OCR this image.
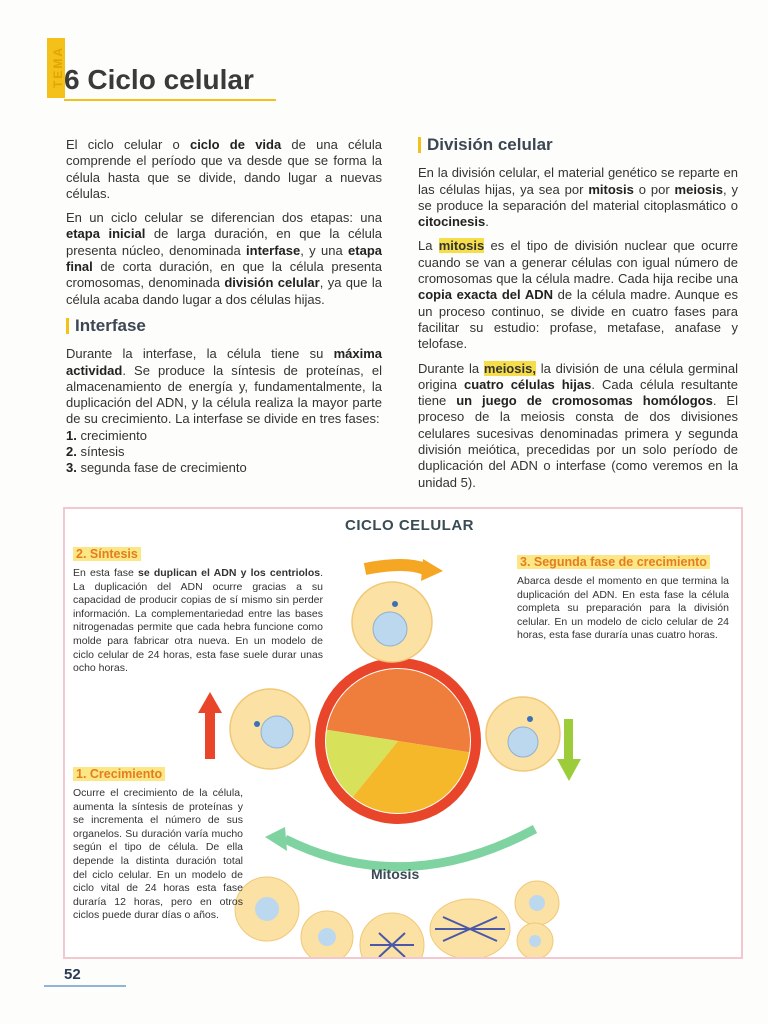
TEMA 6 Ciclo celular

El ciclo celular o ciclo de vida de una célula comprende el período que va desde que se forma la célula hasta que se divide, dando lugar a nuevas células.

En un ciclo celular se diferencian dos etapas: una etapa inicial de larga duración, en que la célula presenta núcleo, denominada interfase, y una etapa final de corta duración, en que la célula presenta cromosomas, denominada división celular, ya que la célula acaba dando lugar a dos células hijas.

Interfase

Durante la interfase, la célula tiene su máxima actividad. Se produce la síntesis de proteínas, el almacenamiento de energía y, fundamentalmente, la duplicación del ADN, y la célula realiza la mayor parte de su crecimiento. La interfase se divide en tres fases:

1. crecimiento
2. síntesis
3. segunda fase de crecimiento
División celular

En la división celular, el material genético se reparte en las células hijas, ya sea por mitosis o por meiosis, y se produce la separación del material citoplasmático o citocinesis.

La mitosis es el tipo de división nuclear que ocurre cuando se van a generar células con igual número de cromosomas que la célula madre. Cada hija recibe una copia exacta del ADN de la célula madre. Aunque es un proceso continuo, se divide en cuatro fases para facilitar su estudio: profase, metafase, anafase y telofase.

Durante la meiosis, la división de una célula germinal origina cuatro células hijas. Cada célula resultante tiene un juego de cromosomas homólogos. El proceso de la meiosis consta de dos divisiones celulares sucesivas denominadas primera y segunda división meiótica, precedidas por un solo período de duplicación del ADN o interfase (como veremos en la unidad 5).

CICLO CELULAR
2. Síntesis
En esta fase se duplican el ADN y los centriolos. La duplicación del ADN ocurre gracias a su capacidad de producir copias de sí mismo sin perder información. La complementariedad entre las bases nitrogenadas permite que cada hebra funcione como molde para fabricar otra nueva. En un modelo de ciclo celular de 24 horas, esta fase suele durar unas ocho horas.
3. Segunda fase de crecimiento
Abarca desde el momento en que termina la duplicación del ADN. En esta fase la célula completa su preparación para la división celular. En un modelo de ciclo celular de 24 horas, esta fase duraría unas cuatro horas.
1. Crecimiento
Ocurre el crecimiento de la célula, aumenta la síntesis de proteínas y se incrementa el número de sus organelos. Su duración varía mucho según el tipo de célula. De ella depende la distinta duración total del ciclo celular. En un modelo de ciclo vital de 24 horas esta fase duraría 12 horas, pero en otros ciclos puede durar días o años.
Mitosis
52
